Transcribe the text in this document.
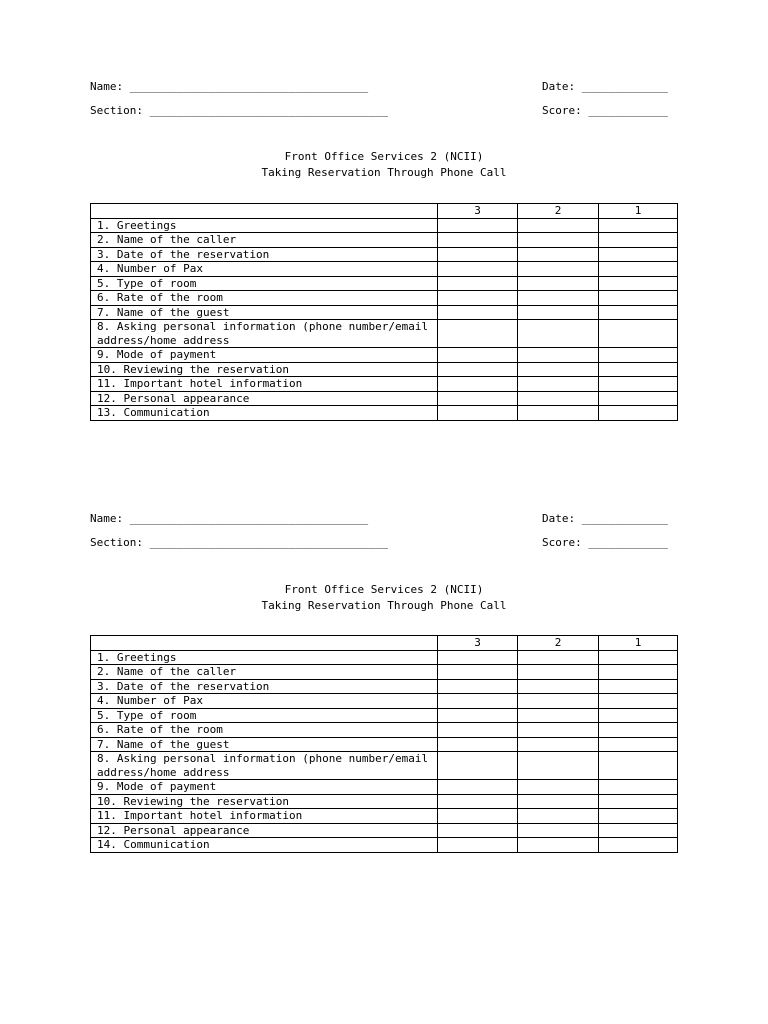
Name: ____________________________________	Date: _____________
Section: ____________________________________	Score: ____________
Front Office Services 2 (NCII)
Taking Reservation Through Phone Call
	3	2	1
1. Greetings			
2. Name of the caller			
3. Date of the reservation			
4. Number of Pax			
5. Type of room			
6. Rate of the room			
7. Name of the guest			
8. Asking personal information (phone number/email address/home address			
9. Mode of payment			
10. Reviewing the reservation			
11. Important hotel information			
12. Personal appearance			
13. Communication			
Name: ____________________________________	Date: _____________
Section: ____________________________________	Score: ____________
Front Office Services 2 (NCII)
Taking Reservation Through Phone Call
	3	2	1
1. Greetings			
2. Name of the caller			
3. Date of the reservation			
4. Number of Pax			
5. Type of room			
6. Rate of the room			
7. Name of the guest			
8. Asking personal information (phone number/email address/home address			
9. Mode of payment			
10. Reviewing the reservation			
11. Important hotel information			
12. Personal appearance			
14. Communication			
